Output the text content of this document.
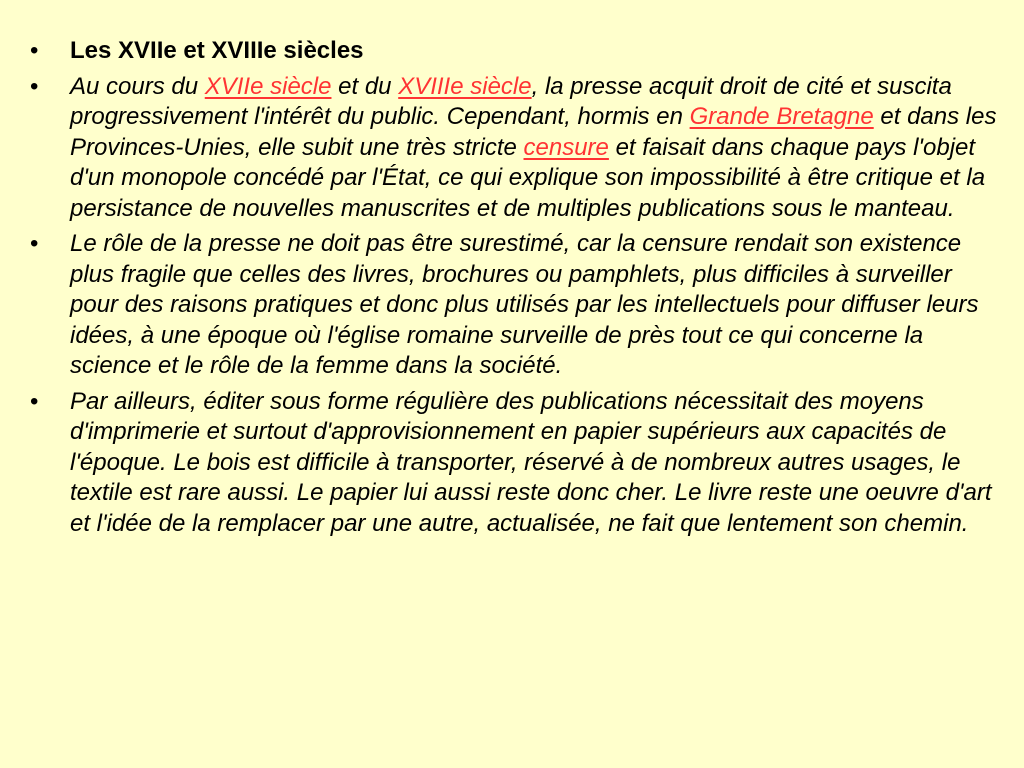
•	Les XVIIe et XVIIIe siècles
•	Au cours du XVIIe siècle et du XVIIIe siècle, la presse acquit droit de cité et suscita progressivement l'intérêt du public. Cependant, hormis en Grande Bretagne et dans les Provinces-Unies, elle subit une très stricte censure et faisait dans chaque pays l'objet d'un monopole concédé par l'État, ce qui explique son impossibilité à être critique et la persistance de nouvelles manuscrites et de multiples publications sous le manteau.
•	Le rôle de la presse ne doit pas être surestimé, car la censure rendait son existence plus fragile que celles des livres, brochures ou pamphlets, plus difficiles à surveiller pour des raisons pratiques et donc plus utilisés par les intellectuels pour diffuser leurs idées, à une époque où l'église romaine surveille de près tout ce qui concerne la science et le rôle de la femme dans la société.
•	Par ailleurs, éditer sous forme régulière des publications nécessitait des moyens d'imprimerie et surtout d'approvisionnement en papier supérieurs aux capacités de l'époque. Le bois est difficile à transporter, réservé à de nombreux autres usages, le textile est rare aussi. Le papier lui aussi reste donc cher. Le livre reste une oeuvre d'art et l'idée de la remplacer par une autre, actualisée, ne fait que lentement son chemin.
